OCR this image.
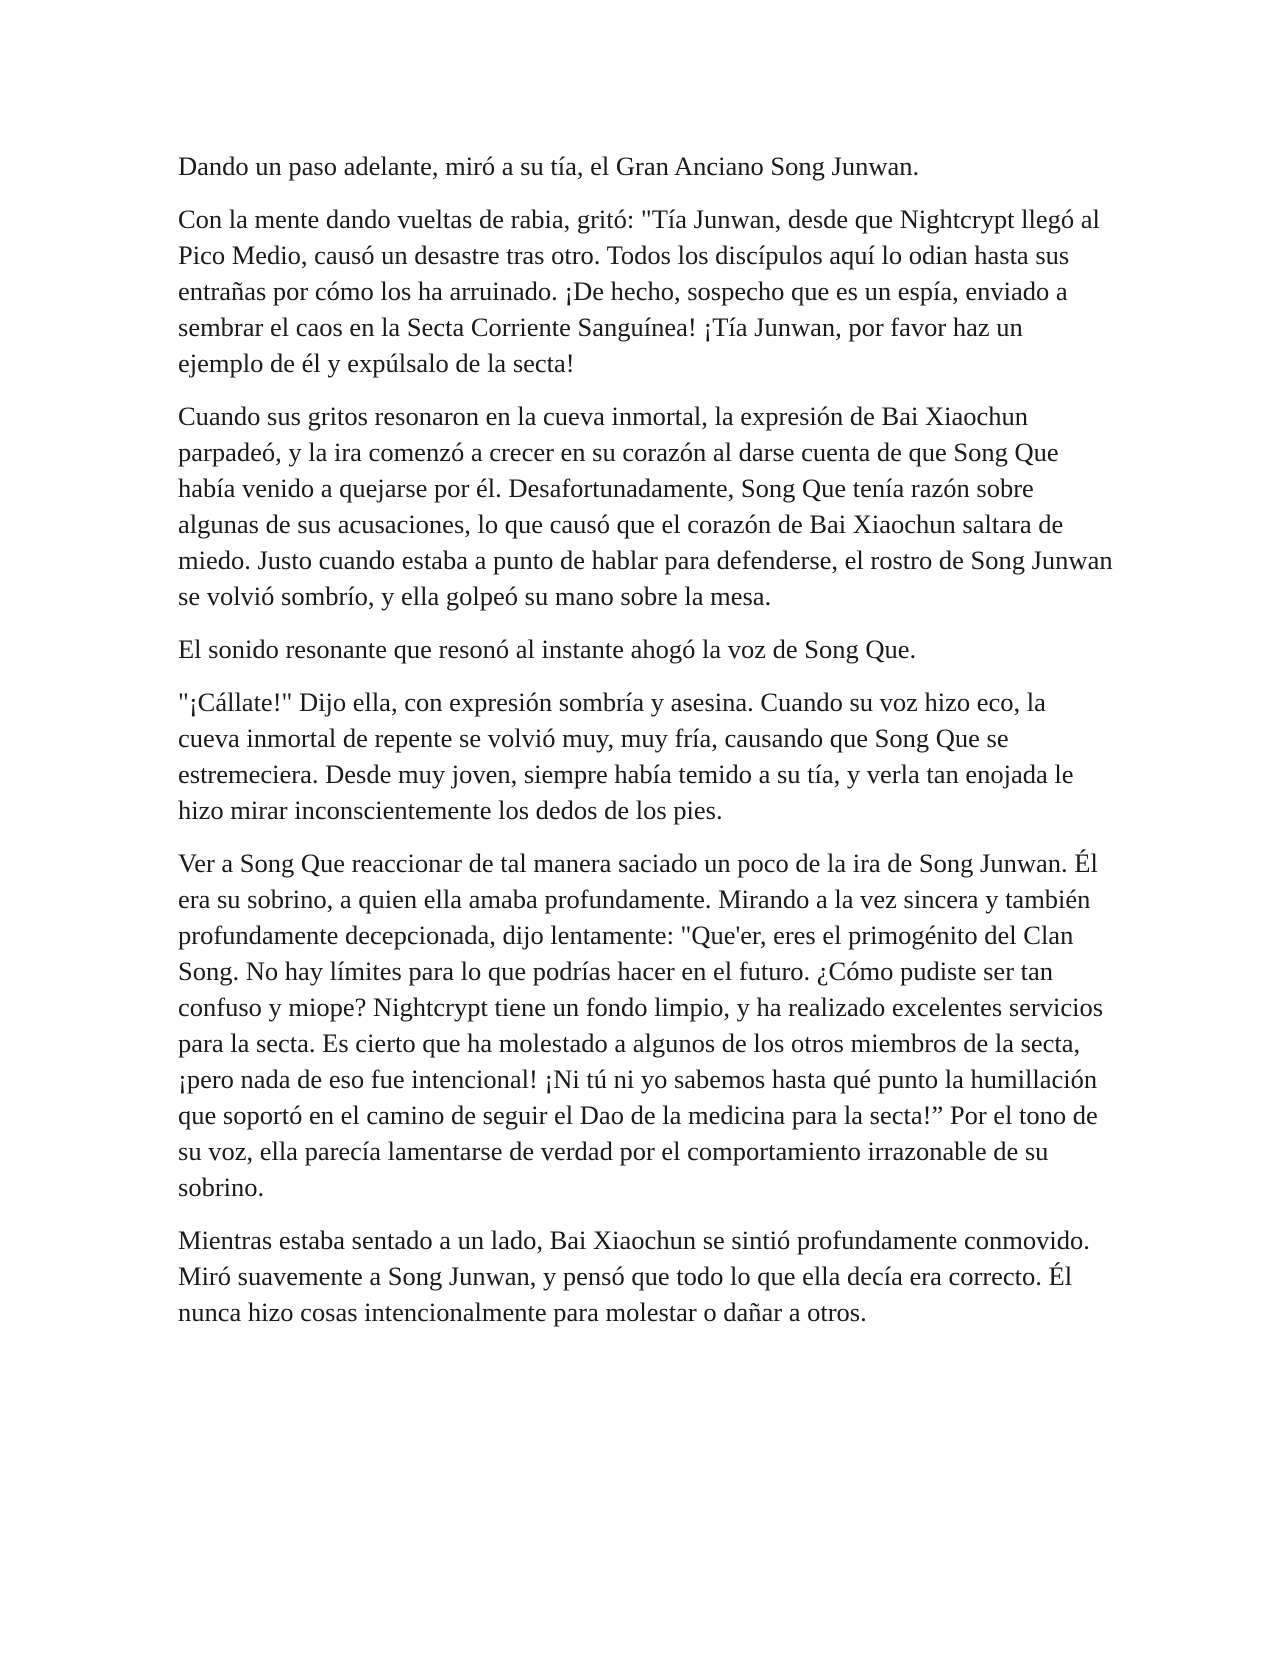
Dando un paso adelante, miró a su tía, el Gran Anciano Song Junwan.

Con la mente dando vueltas de rabia, gritó: "Tía Junwan, desde que Nightcrypt llegó al Pico Medio, causó un desastre tras otro. Todos los discípulos aquí lo odian hasta sus entrañas por cómo los ha arruinado. ¡De hecho, sospecho que es un espía, enviado a sembrar el caos en la Secta Corriente Sanguínea! ¡Tía Junwan, por favor haz un ejemplo de él y expúlsalo de la secta!

Cuando sus gritos resonaron en la cueva inmortal, la expresión de Bai Xiaochun parpadeó, y la ira comenzó a crecer en su corazón al darse cuenta de que Song Que había venido a quejarse por él. Desafortunadamente, Song Que tenía razón sobre algunas de sus acusaciones, lo que causó que el corazón de Bai Xiaochun saltara de miedo. Justo cuando estaba a punto de hablar para defenderse, el rostro de Song Junwan se volvió sombrío, y ella golpeó su mano sobre la mesa.

El sonido resonante que resonó al instante ahogó la voz de Song Que.

"¡Cállate!" Dijo ella, con expresión sombría y asesina. Cuando su voz hizo eco, la cueva inmortal de repente se volvió muy, muy fría, causando que Song Que se estremeciera. Desde muy joven, siempre había temido a su tía, y verla tan enojada le hizo mirar inconscientemente los dedos de los pies.

Ver a Song Que reaccionar de tal manera saciado un poco de la ira de Song Junwan. Él era su sobrino, a quien ella amaba profundamente. Mirando a la vez sincera y también profundamente decepcionada, dijo lentamente: "Que'er, eres el primogénito del Clan Song. No hay límites para lo que podrías hacer en el futuro. ¿Cómo pudiste ser tan confuso y miope? Nightcrypt tiene un fondo limpio, y ha realizado excelentes servicios para la secta. Es cierto que ha molestado a algunos de los otros miembros de la secta, ¡pero nada de eso fue intencional! ¡Ni tú ni yo sabemos hasta qué punto la humillación que soportó en el camino de seguir el Dao de la medicina para la secta!” Por el tono de su voz, ella parecía lamentarse de verdad por el comportamiento irrazonable de su sobrino.

Mientras estaba sentado a un lado, Bai Xiaochun se sintió profundamente conmovido. Miró suavemente a Song Junwan, y pensó que todo lo que ella decía era correcto. Él nunca hizo cosas intencionalmente para molestar o dañar a otros.
